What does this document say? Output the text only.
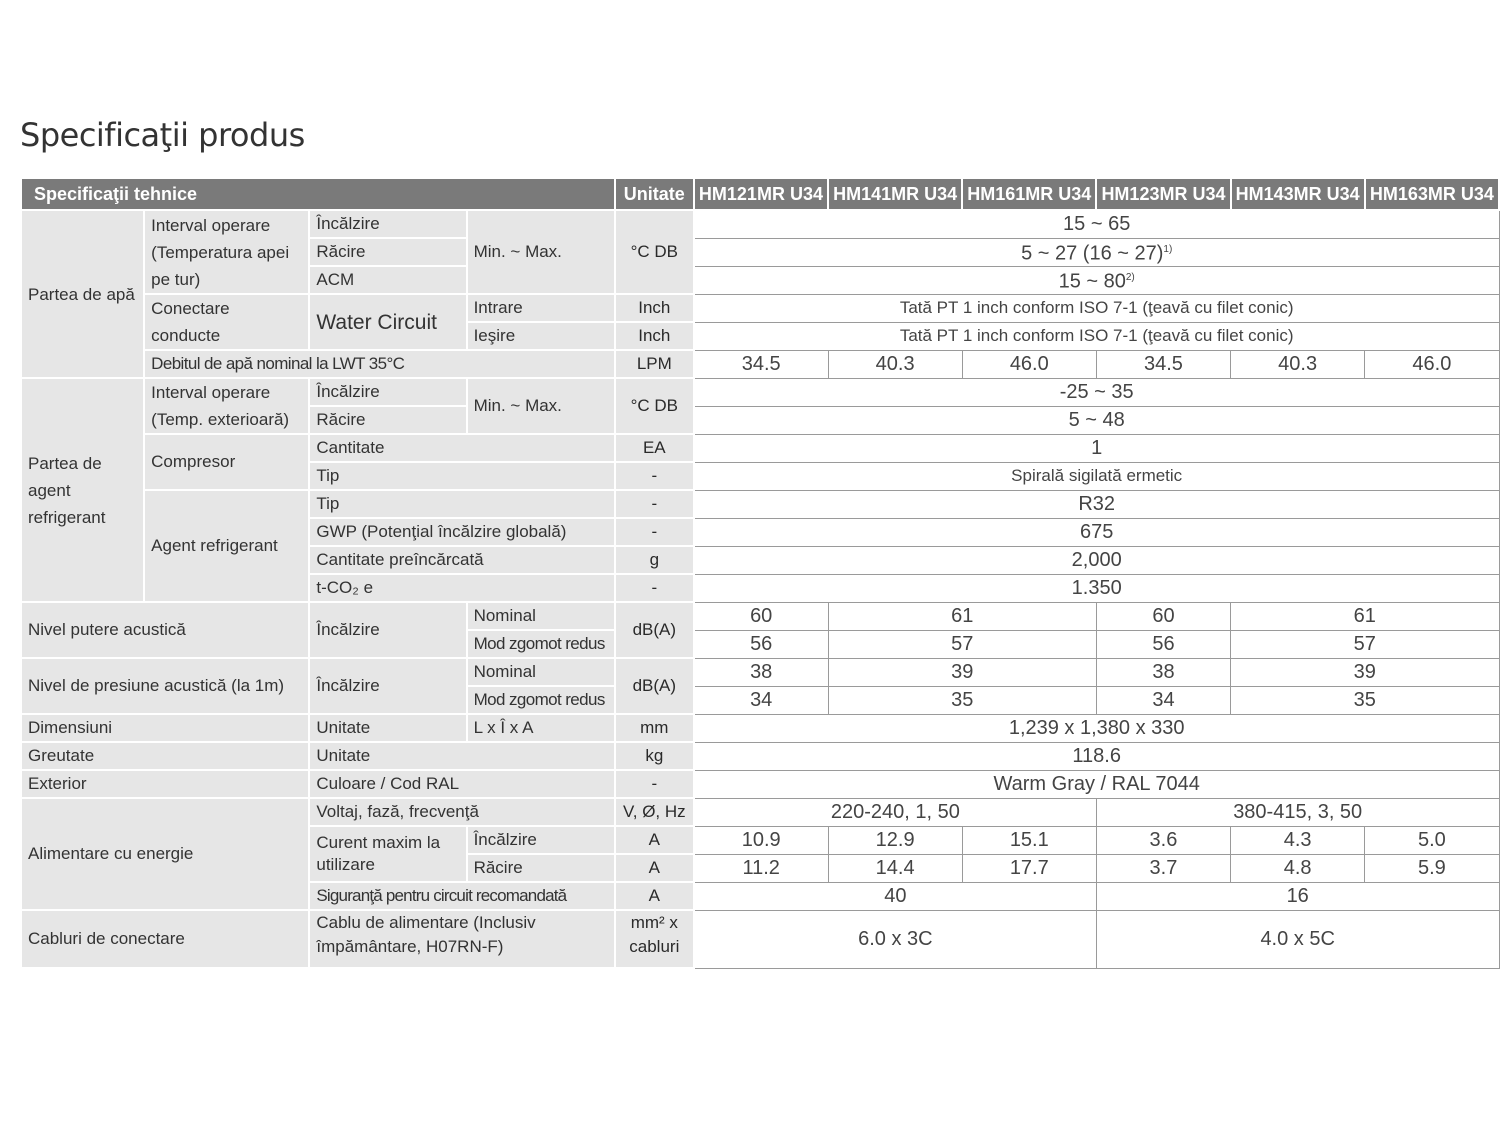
Specificaţii produs
Specificaţii tehnice				Unitate	HM121MR U34	HM141MR U34	HM161MR U34	HM123MR U34	HM143MR U34	HM163MR U34
Partea de apă	Interval operare (Temperatura apei pe tur)	Încălzire	Min. ~ Max.	°C DB	15 ~ 65					
		Răcire			5 ~ 27 (16 ~ 27)$^{1)}$
		ACM			15 ~ 80$^{2)}$
	Conectare conducte	Water Circuit	Intrare	Inch	Tată PT 1 inch conform ISO 7-1 (ţeavă cu filet conic)					
			Ieşire	Inch	Tată PT 1 inch conform ISO 7-1 (ţeavă cu filet conic)					
	Debitul de apă nominal la LWT 35°C			LPM	34.5	40.3	46.0	34.5	40.3	46.0
Partea de agent refrigerant	Interval operare (Temp. exterioară)	Încălzire	Min. ~ Max.	°C DB	-25 ~ 35					
		Răcire			5 ~ 48					
	Compresor	Cantitate		EA	1					
		Tip		-	Spirală sigilată ermetic					
	Agent refrigerant	Tip		-	R32					
		GWP (Potenţial încălzire globală)		-	675					
		Cantitate preîncărcată		g	2,000					
		t-CO₂ e		-	1.350					
Nivel putere acustică		Încălzire	Nominal	dB(A)	60	61		60	61	
			Mod zgomot redus		56	57		56	57	
Nivel de presiune acustică (la 1m)		Încălzire	Nominal	dB(A)	38	39		38	39	
			Mod zgomot redus		34	35		34	35	
Dimensiuni		Unitate	L x Î x A	mm	1,239 x 1,380 x 330					
Greutate		Unitate		kg	118.6					
Exterior		Culoare / Cod RAL		-	Warm Gray / RAL 7044					
Alimentare cu energie		Voltaj, fază, frecvenţă		V, Ø, Hz	220-240, 1, 50			380-415, 3, 50		
		Curent maxim la utilizare	Încălzire	A	10.9	12.9	15.1	3.6	4.3	5.0
			Răcire	A	11.2	14.4	17.7	3.7	4.8	5.9
		Siguranţă pentru circuit recomandată		A	40			16		
Cabluri de conectare		Cablu de alimentare (Inclusiv împământare, H07RN-F)		mm² x cabluri	6.0 x 3C			4.0 x 5C		
